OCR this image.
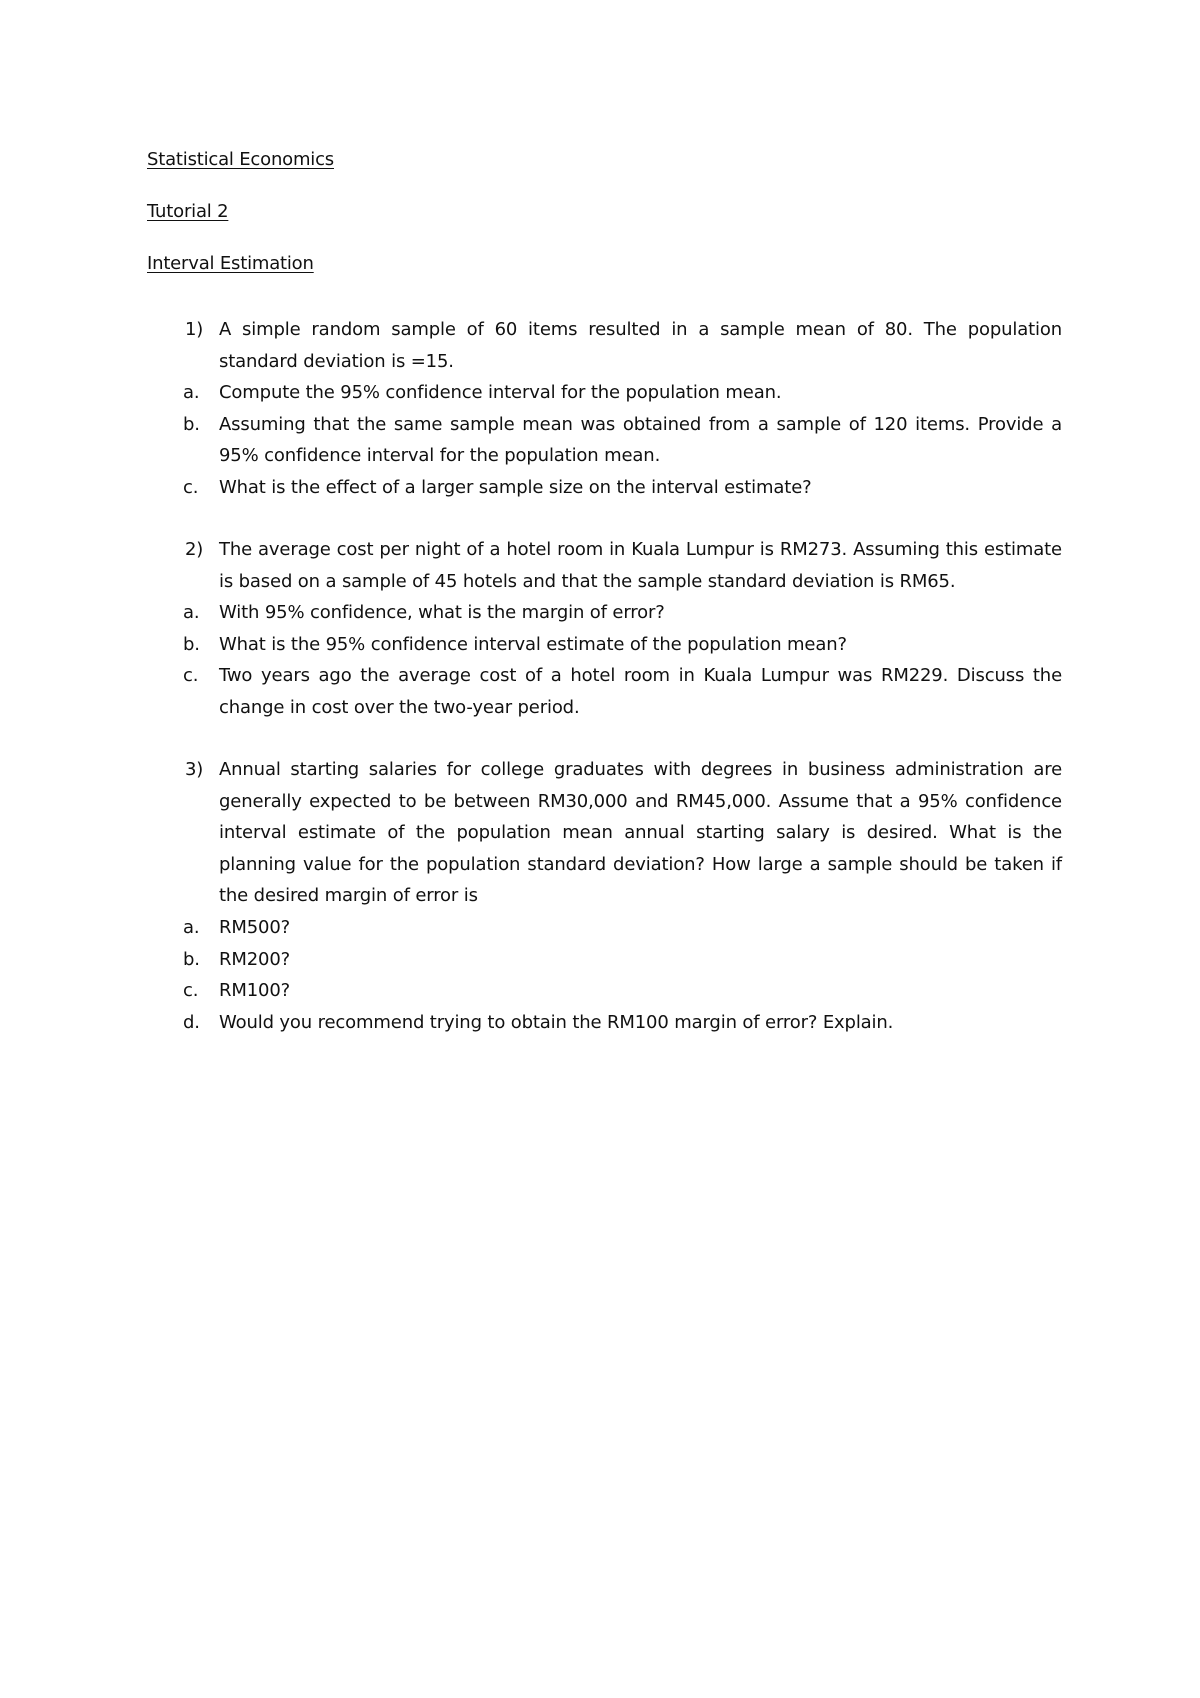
Statistical Economics
Tutorial 2
Interval Estimation
1) A simple random sample of 60 items resulted in a sample mean of 80. The population standard deviation is =15.
a.	Compute the 95% confidence interval for the population mean.
b.	Assuming that the same sample mean was obtained from a sample of 120 items. Provide a 95% confidence interval for the population mean.
c.	What is the effect of a larger sample size on the interval estimate?
2) The average cost per night of a hotel room in Kuala Lumpur is RM273. Assuming this estimate is based on a sample of 45 hotels and that the sample standard deviation is RM65.
a.	With 95% confidence, what is the margin of error?
b.	What is the 95% confidence interval estimate of the population mean?
c.	Two years ago the average cost of a hotel room in Kuala Lumpur was RM229. Discuss the change in cost over the two-year period.
3) Annual starting salaries for college graduates with degrees in business administration are generally expected to be between RM30,000 and RM45,000. Assume that a 95% confidence interval estimate of the population mean annual starting salary is desired. What is the planning value for the population standard deviation? How large a sample should be taken if the desired margin of error is
a.	RM500?
b.	RM200?
c.	RM100?
d.	Would you recommend trying to obtain the RM100 margin of error? Explain.
